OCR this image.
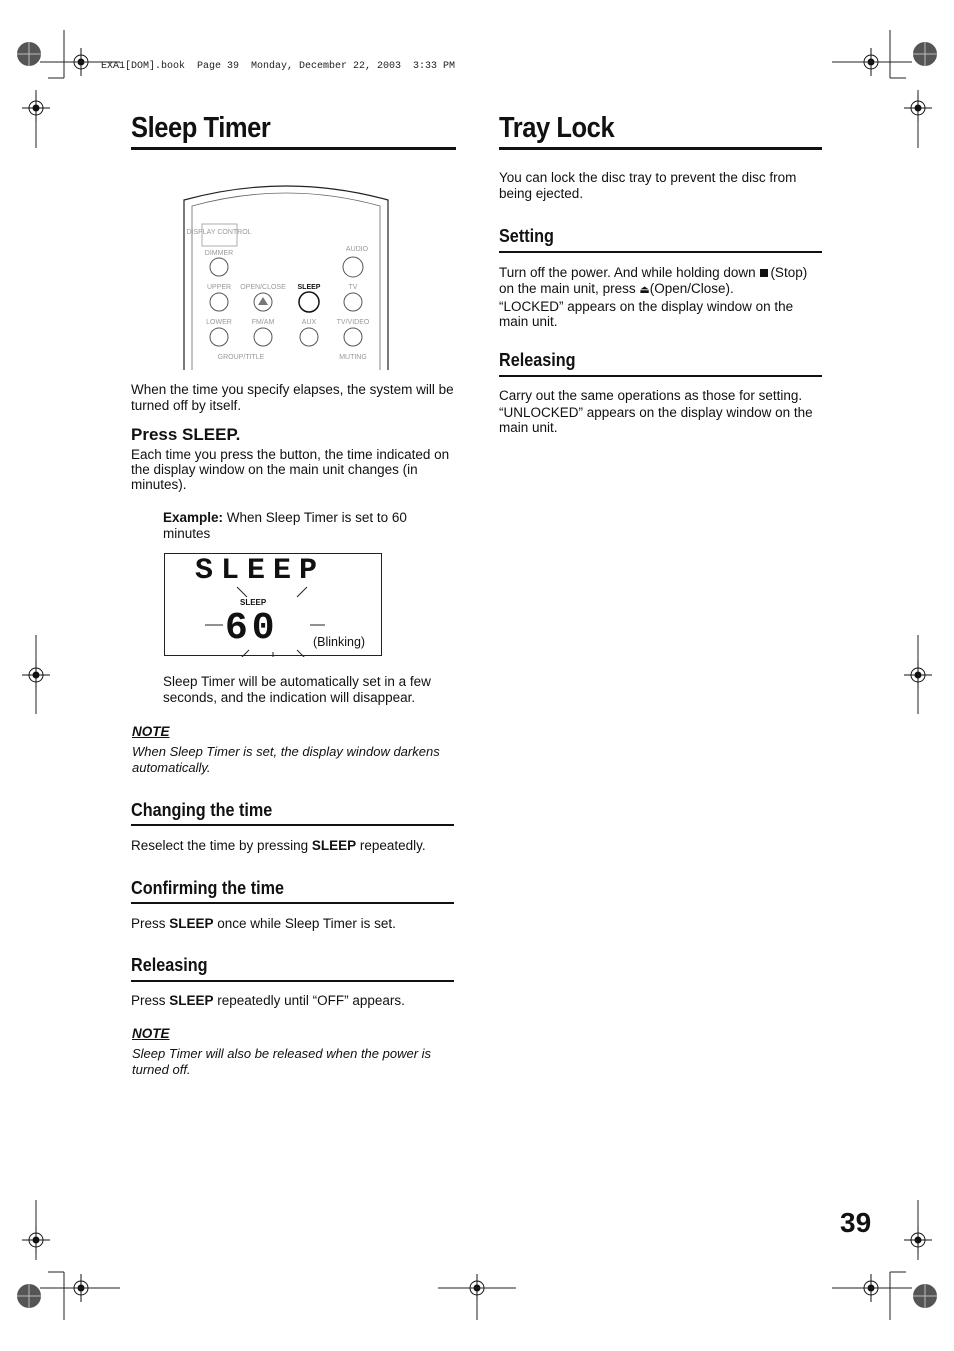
EXA1[DOM].book  Page 39  Monday, December 22, 2003  3:33 PM
Sleep Timer
DISPLAY CONTROL
DIMMER
AUDIO
UPPER OPEN/CLOSE SLEEP	TV
LOWER	FM/AM	AUX	TV/VIDEO
GROUP/TITLE	MUTING
When the time you specify elapses, the system will be turned off by itself.
Press SLEEP.
Each time you press the button, the time indicated on the display window on the main unit changes (in minutes).
Example: When Sleep Timer is set to 60 minutes
SLEEP
SLEEP
60	(Blinking)
Sleep Timer will be automatically set in a few seconds, and the indication will disappear.
NOTE
When Sleep Timer is set, the display window darkens automatically.
Changing the time
Reselect the time by pressing SLEEP repeatedly.
Confirming the time
Press SLEEP once while Sleep Timer is set.
Releasing
Press SLEEP repeatedly until “OFF” appears.
NOTE
Sleep Timer will also be released when the power is turned off.
Tray Lock
You can lock the disc tray to prevent the disc from being ejected.
Setting
Turn off the power. And while holding down (Stop)
on the main unit, press ⏏(Open/Close).
“LOCKED” appears on the display window on the main unit.
Releasing
Carry out the same operations as those for setting.
“UNLOCKED” appears on the display window on the main unit.
39
